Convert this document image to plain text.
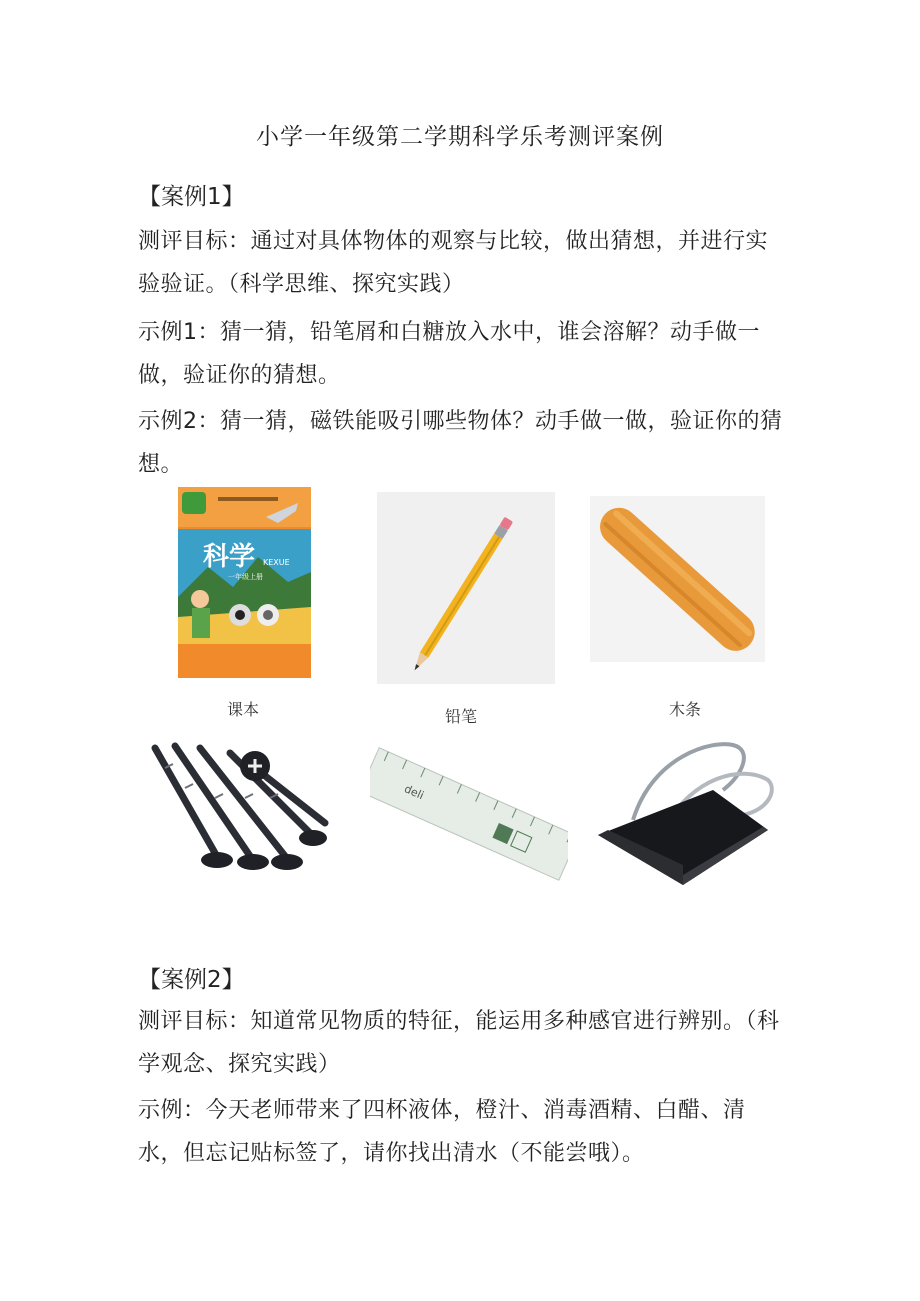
小学一年级第二学期科学乐考测评案例
【案例1】

测评目标：通过对具体物体的观察与比较，做出猜想，并进行实验验证。（科学思维、探究实践）

示例1：猜一猜，铅笔屑和白糖放入水中，谁会溶解？动手做一做，验证你的猜想。

示例2：猜一猜，磁铁能吸引哪些物体？动手做一做，验证你的猜想。

科学 KEXUE
一年级上册
课本	铅笔	木条
deli
【案例2】

测评目标：知道常见物质的特征，能运用多种感官进行辨别。（科学观念、探究实践）

示例：今天老师带来了四杯液体，橙汁、消毒酒精、白醋、清水，但忘记贴标签了，请你找出清水（不能尝哦）。
